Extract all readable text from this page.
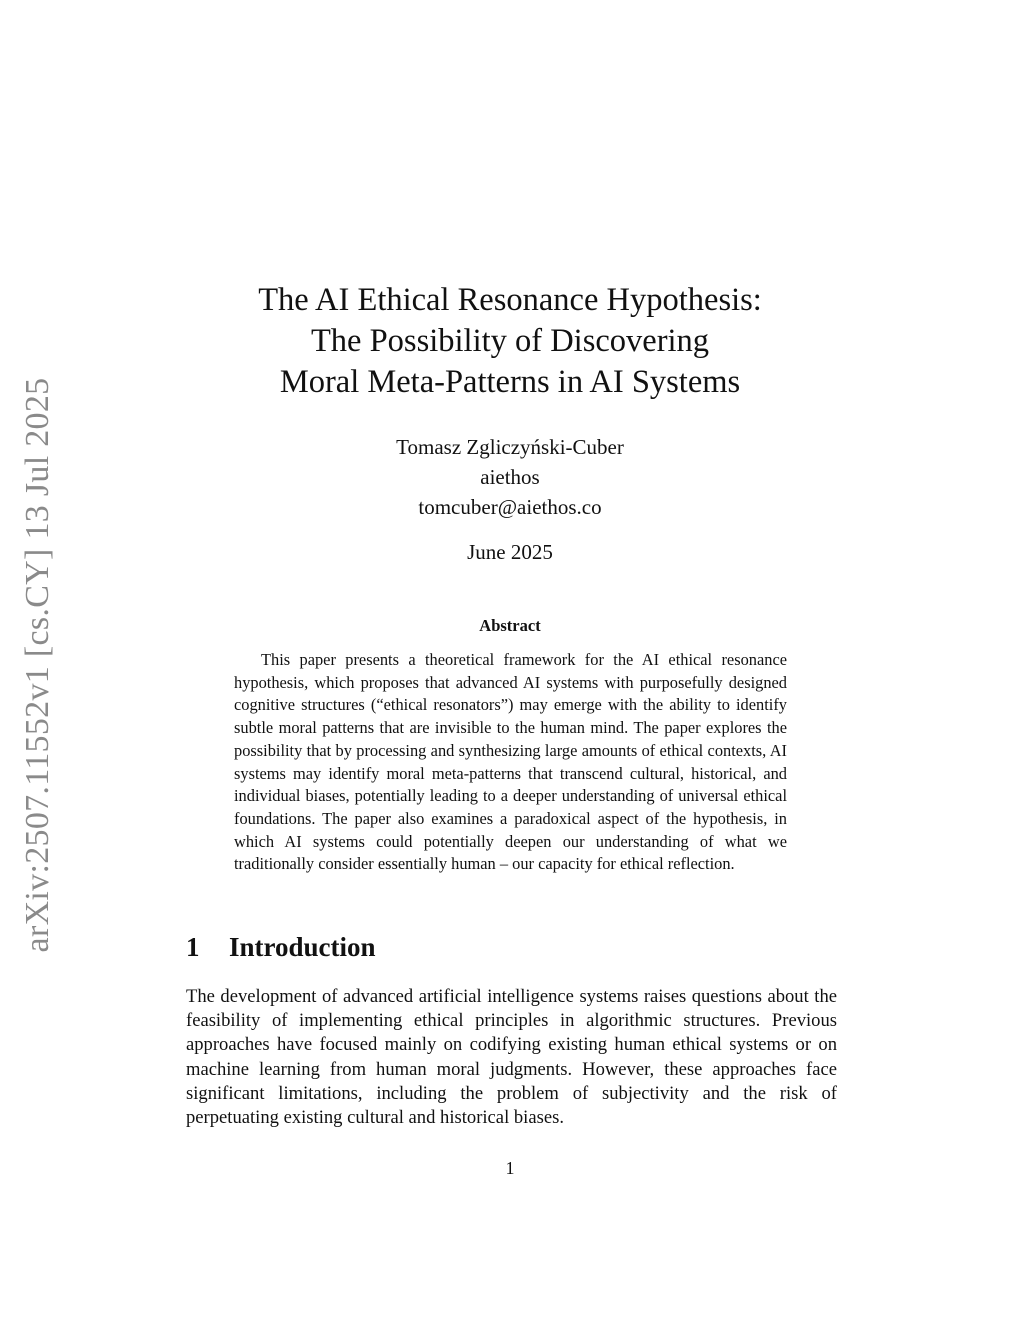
arXiv:2507.11552v1 [cs.CY] 13 Jul 2025
The AI Ethical Resonance Hypothesis:
The Possibility of Discovering
Moral Meta-Patterns in AI Systems
Tomasz Zgliczyński-Cuber
aiethos
tomcuber@aiethos.co
June 2025
Abstract
This paper presents a theoretical framework for the AI ethical resonance hypothesis, which proposes that advanced AI systems with purposefully designed cognitive structures (“ethical resonators”) may emerge with the ability to identify subtle moral patterns that are invisible to the human mind. The paper explores the possibility that by processing and synthesizing large amounts of ethical contexts, AI systems may identify moral meta-patterns that transcend cultural, historical, and individual biases, potentially leading to a deeper understanding of universal ethical foundations. The paper also examines a paradoxical aspect of the hypothesis, in which AI systems could potentially deepen our understanding of what we traditionally consider essentially human – our capacity for ethical reflection.
1 Introduction
The development of advanced artificial intelligence systems raises questions about the feasibility of implementing ethical principles in algorithmic structures. Previous approaches have focused mainly on codifying existing human ethical systems or on machine learning from human moral judgments. However, these approaches face significant limitations, including the problem of subjectivity and the risk of perpetuating existing cultural and historical biases.
1
